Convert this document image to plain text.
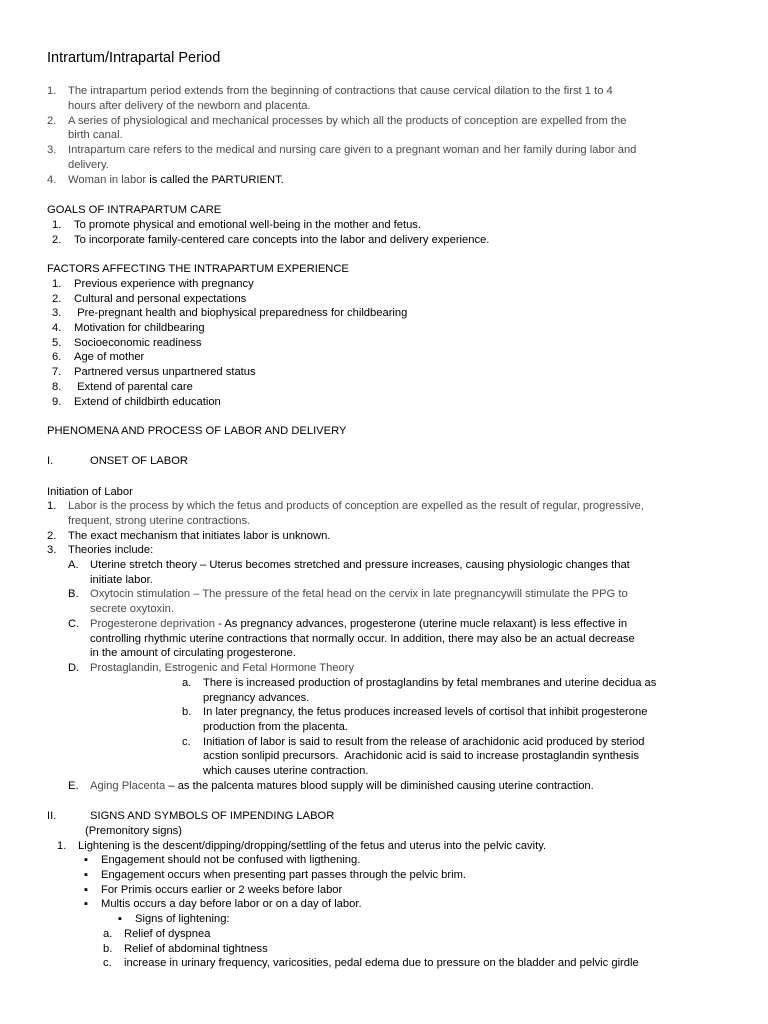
Intrartum/Intrapartal Period
1. The intrapartum period extends from the beginning of contractions that cause cervical dilation to the first 1 to 4
hours after delivery of the newborn and placenta.
2. A series of physiological and mechanical processes by which all the products of conception are expelled from the
birth canal.
3. Intrapartum care refers to the medical and nursing care given to a pregnant woman and her family during labor and
delivery.
4. Woman in labor is called the PARTURIENT.
GOALS OF INTRAPARTUM CARE
1. To promote physical and emotional well-being in the mother and fetus.
2. To incorporate family-centered care concepts into the labor and delivery experience.
FACTORS AFFECTING THE INTRAPARTUM EXPERIENCE
1. Previous experience with pregnancy
2. Cultural and personal expectations
3. Pre-pregnant health and biophysical preparedness for childbearing
4. Motivation for childbearing
5. Socioeconomic readiness
6. Age of mother
7. Partnered versus unpartnered status
8. Extend of parental care
9. Extend of childbirth education
PHENOMENA AND PROCESS OF LABOR AND DELIVERY
I.	ONSET OF LABOR
Initiation of Labor
1. Labor is the process by which the fetus and products of conception are expelled as the result of regular, progressive,
frequent, strong uterine contractions.
2. The exact mechanism that initiates labor is unknown.
3. Theories include:
A. Uterine stretch theory – Uterus becomes stretched and pressure increases, causing physiologic changes that
initiate labor.
B. Oxytocin stimulation – The pressure of the fetal head on the cervix in late pregnancywill stimulate the PPG to
secrete oxytoxin.
C. Progesterone deprivation - As pregnancy advances, progesterone (uterine mucle relaxant) is less effective in
controlling rhythmic uterine contractions that normally occur. In addition, there may also be an actual decrease
in the amount of circulating progesterone.
D. Prostaglandin, Estrogenic and Fetal Hormone Theory
a. There is increased production of prostaglandins by fetal membranes and uterine decidua as
pregnancy advances.
b. In later pregnancy, the fetus produces increased levels of cortisol that inhibit progesterone
production from the placenta.
c. Initiation of labor is said to result from the release of arachidonic acid produced by steriod
acstion sonlipid precursors.  Arachidonic acid is said to increase prostaglandin synthesis
which causes uterine contraction.
E. Aging Placenta – as the palcenta matures blood supply will be diminished causing uterine contraction.
II.	SIGNS AND SYMBOLS OF IMPENDING LABOR
(Premonitory signs)
1. Lightening is the descent/dipping/dropping/settling of the fetus and uterus into the pelvic cavity.
▪ Engagement should not be confused with ligthening.
▪ Engagement occurs when presenting part passes through the pelvic brim.
▪ For Primis occurs earlier or 2 weeks before labor
▪ Multis occurs a day before labor or on a day of labor.
▪ Signs of lightening:
a. Relief of dyspnea
b. Relief of abdominal tightness
c. increase in urinary frequency, varicosities, pedal edema due to pressure on the bladder and pelvic girdle
